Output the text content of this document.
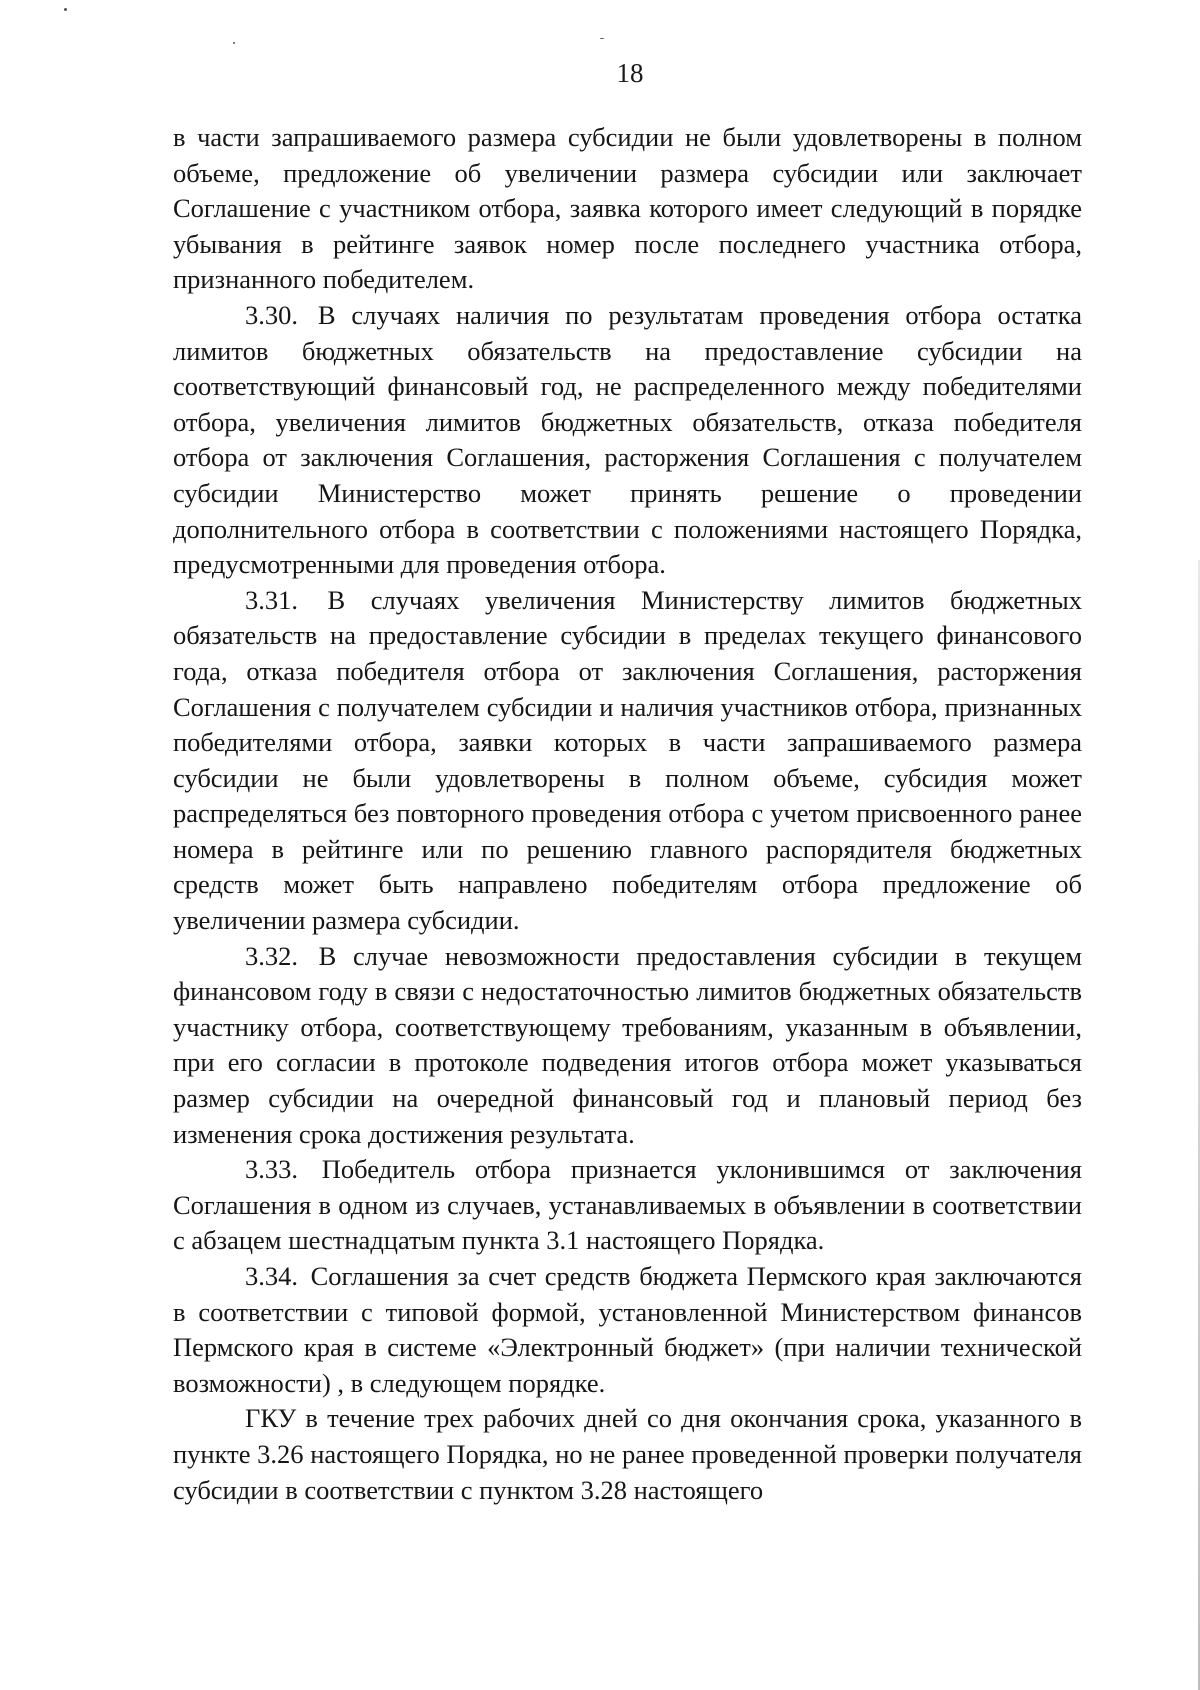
18

в части запрашиваемого размера субсидии не были удовлетворены в полном объеме, предложение об увеличении размера субсидии или заключает Соглашение с участником отбора, заявка которого имеет следующий в порядке убывания в рейтинге заявок номер после последнего участника отбора, признанного победителем.

3.30. В случаях наличия по результатам проведения отбора остатка лимитов бюджетных обязательств на предоставление субсидии на соответствующий финансовый год, не распределенного между победителями отбора, увеличения лимитов бюджетных обязательств, отказа победителя отбора от заключения Соглашения, расторжения Соглашения с получателем субсидии Министерство может принять решение о проведении дополнительного отбора в соответствии с положениями настоящего Порядка, предусмотренными для проведения отбора.

3.31. В случаях увеличения Министерству лимитов бюджетных обязательств на предоставление субсидии в пределах текущего финансового года, отказа победителя отбора от заключения Соглашения, расторжения Соглашения с получателем субсидии и наличия участников отбора, признанных победителями отбора, заявки которых в части запрашиваемого размера субсидии не были удовлетворены в полном объеме, субсидия может распределяться без повторного проведения отбора с учетом присвоенного ранее номера в рейтинге или по решению главного распорядителя бюджетных средств может быть направлено победителям отбора предложение об увеличении размера субсидии.

3.32. В случае невозможности предоставления субсидии в текущем финансовом году в связи с недостаточностью лимитов бюджетных обязательств участнику отбора, соответствующему требованиям, указанным в объявлении, при его согласии в протоколе подведения итогов отбора может указываться размер субсидии на очередной финансовый год и плановый период без изменения срока достижения результата.

3.33. Победитель отбора признается уклонившимся от заключения Соглашения в одном из случаев, устанавливаемых в объявлении в соответствии с абзацем шестнадцатым пункта 3.1 настоящего Порядка.

3.34. Соглашения за счет средств бюджета Пермского края заключаются в соответствии с типовой формой, установленной Министерством финансов Пермского края в системе «Электронный бюджет» (при наличии технической возможности) , в следующем порядке.

ГКУ в течение трех рабочих дней со дня окончания срока, указанного в пункте 3.26 настоящего Порядка, но не ранее проведенной проверки получателя субсидии в соответствии с пунктом 3.28 настоящего
